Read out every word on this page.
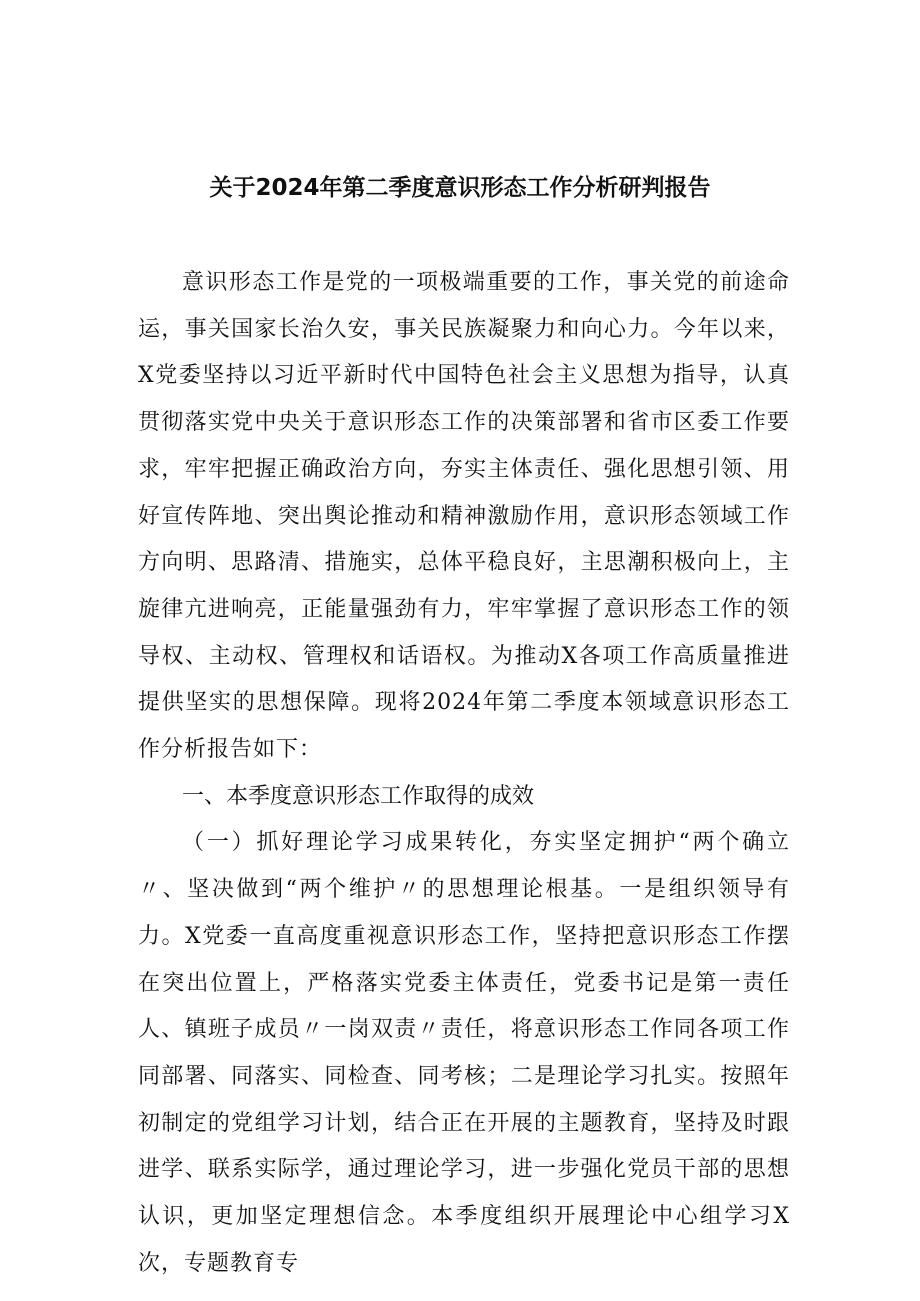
关于2024年第二季度意识形态工作分析研判报告

意识形态工作是党的一项极端重要的工作，事关党的前途命运，事关国家长治久安，事关民族凝聚力和向心力。今年以来，X党委坚持以习近平新时代中国特色社会主义思想为指导，认真贯彻落实党中央关于意识形态工作的决策部署和省市区委工作要求，牢牢把握正确政治方向，夯实主体责任、强化思想引领、用好宣传阵地、突出舆论推动和精神激励作用，意识形态领域工作方向明、思路清、措施实，总体平稳良好，主思潮积极向上，主旋律亢进响亮，正能量强劲有力，牢牢掌握了意识形态工作的领导权、主动权、管理权和话语权。为推动X各项工作高质量推进提供坚实的思想保障。现将2024年第二季度本领域意识形态工作分析报告如下：

一、本季度意识形态工作取得的成效

（一）抓好理论学习成果转化，夯实坚定拥护“两个确立〃、坚决做到“两个维护〃的思想理论根基。一是组织领导有力。X党委一直高度重视意识形态工作，坚持把意识形态工作摆在突出位置上，严格落实党委主体责任，党委书记是第一责任人、镇班子成员〃一岗双责〃责任，将意识形态工作同各项工作同部署、同落实、同检查、同考核；二是理论学习扎实。按照年初制定的党组学习计划，结合正在开展的主题教育，坚持及时跟进学、联系实际学，通过理论学习，进一步强化党员干部的思想认识，更加坚定理想信念。本季度组织开展理论中心组学习X次，专题教育专
